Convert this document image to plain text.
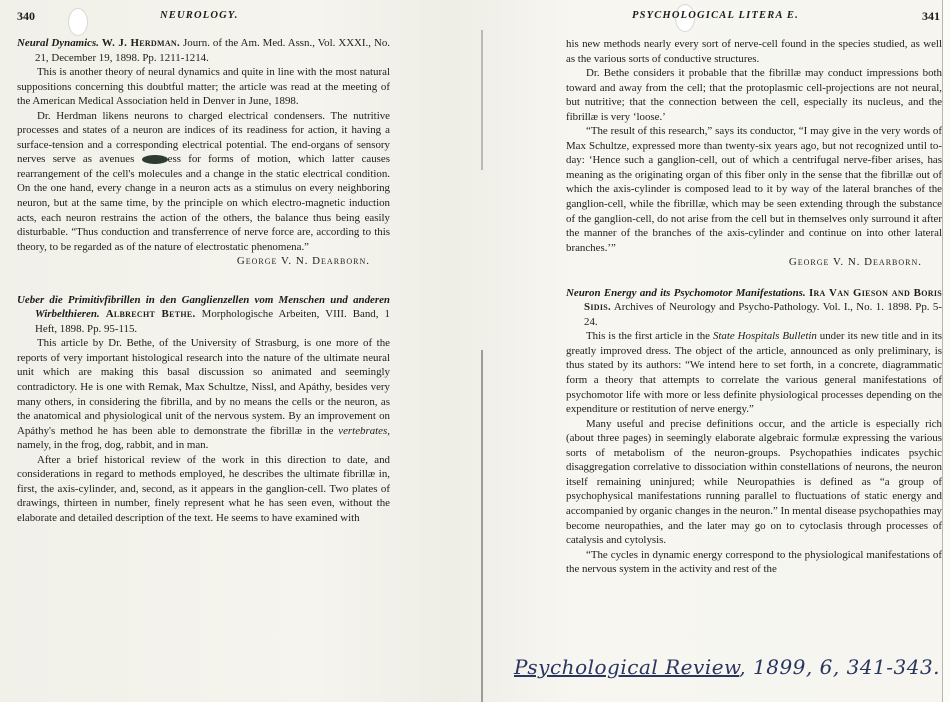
340	NEUROLOGY.

Neural Dynamics. W. J. Herdman. Journ. of the Am. Med. Assn., Vol. XXXI., No. 21, December 19, 1898. Pp. 1211-1214.

This is another theory of neural dynamics and quite in line with the most natural suppositions concerning this doubtful matter; the article was read at the meeting of the American Medical Association held in Denver in June, 1898.

Dr. Herdman likens neurons to charged electrical condensers. The nutritive processes and states of a neuron are indices of its readiness for action, it having a surface-tension and a corresponding electrical potential. The end-organs of sensory nerves serve as avenues	ess for forms of motion, which latter causes rearrangement of the cell's molecules and a change in the static electrical condition. On the one hand, every change in a neuron acts as a stimulus on every neighboring neuron, but at the same time, by the principle on which electro-magnetic induction acts, each neuron restrains the action of the others, the balance thus being easily disturbable. “Thus conduction and transferrence of nerve force are, according to this theory, to be regarded as of the nature of electrostatic phenomena.”

George V. N. Dearborn.

Ueber die Primitivfibrillen in den Ganglienzellen vom Menschen und anderen Wirbelthieren. Albrecht Bethe. Morphologische Arbeiten, VIII. Band, 1 Heft, 1898. Pp. 95-115.

This article by Dr. Bethe, of the University of Strasburg, is one more of the reports of very important histological research into the nature of the ultimate neural unit which are making this basal discussion so animated and seemingly contradictory. He is one with Remak, Max Schultze, Nissl, and Apáthy, besides very many others, in considering the fibrilla, and by no means the cells or the neuron, as the anatomical and physiological unit of the nervous system. By an improvement on Apáthy's method he has been able to demonstrate the fibrillæ in the vertebrates, namely, in the frog, dog, rabbit, and in man.

After a brief historical review of the work in this direction to date, and considerations in regard to methods employed, he describes the ultimate fibrillæ in, first, the axis-cylinder, and, second, as it appears in the ganglion-cell. Two plates of drawings, thirteen in number, finely represent what he has seen even, without the elaborate and detailed description of the text. He seems to have examined with

PSYCHOLOGICAL LITERA E.	341

his new methods nearly every sort of nerve-cell found in the species studied, as well as the various sorts of conductive structures.

Dr. Bethe considers it probable that the fibrillæ may conduct impressions both toward and away from the cell; that the protoplasmic cell-projections are not neural, but nutritive; that the connection between the cell, especially its nucleus, and the fibrillæ is very ‘loose.’

“The result of this research,” says its conductor, “I may give in the very words of Max Schultze, expressed more than twenty-six years ago, but not recognized until to-day: ‘Hence such a ganglion-cell, out of which a centrifugal nerve-fiber arises, has meaning as the originating organ of this fiber only in the sense that the fibrillæ out of which the axis-cylinder is composed lead to it by way of the lateral branches of the ganglion-cell, while the fibrillæ, which may be seen extending through the substance of the ganglion-cell, do not arise from the cell but in themselves only surround it after the manner of the branches of the axis-cylinder and continue on into other lateral branches.’”

George V. N. Dearborn.

Neuron Energy and its Psychomotor Manifestations. Ira Van Gieson and Boris Sidis. Archives of Neurology and Psycho-Pathology. Vol. I., No. 1. 1898. Pp. 5-24.

This is the first article in the State Hospitals Bulletin under its new title and in its greatly improved dress. The object of the article, announced as only preliminary, is thus stated by its authors: “We intend here to set forth, in a concrete, diagrammatic form a theory that attempts to correlate the various general manifestations of psychomotor life with more or less definite physiological processes depending on the expenditure or restitution of nerve energy.”

Many useful and precise definitions occur, and the article is especially rich (about three pages) in seemingly elaborate algebraic formulæ expressing the various sorts of metabolism of the neuron-groups. Psychopathies indicates psychic disaggregation correlative to dissociation within constellations of neurons, the neuron itself remaining uninjured; while Neuropathies is defined as “a group of psychophysical manifestations running parallel to fluctuations of static energy and accompanied by organic changes in the neuron.” In mental disease psychopathies may become neuropathies, and the later may go on to cytoclasis through processes of catalysis and cytolysis.

“The cycles in dynamic energy correspond to the physiological manifestations of the nervous system in the activity and rest of the

Psychological Review, 1899, 6, 341-343.
